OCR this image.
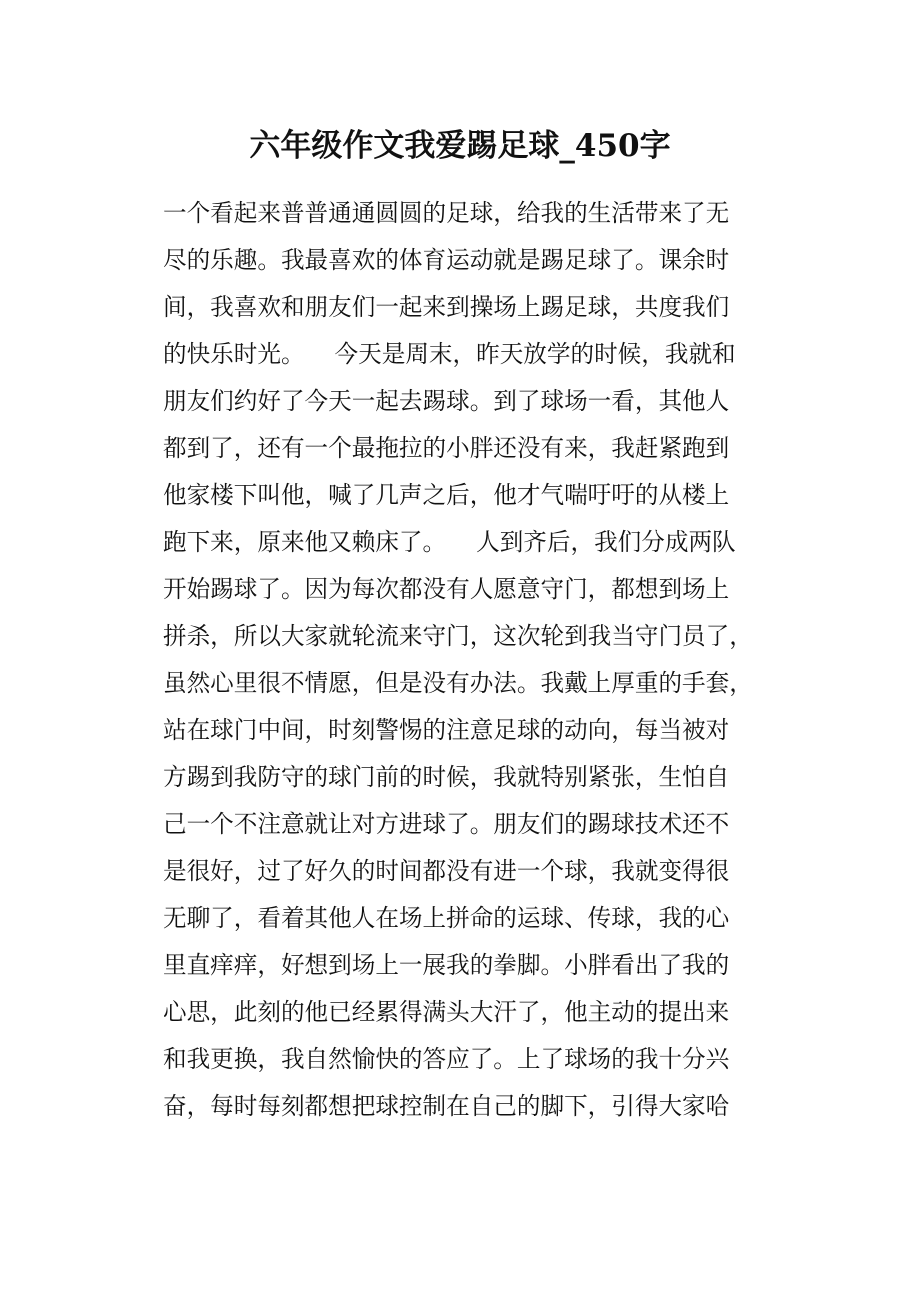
六年级作文我爱踢足球_450字
一个看起来普普通通圆圆的足球，给我的生活带来了无
尽的乐趣。我最喜欢的体育运动就是踢足球了。课余时
间，我喜欢和朋友们一起来到操场上踢足球，共度我们
的快乐时光。    今天是周末，昨天放学的时候，我就和
朋友们约好了今天一起去踢球。到了球场一看，其他人
都到了，还有一个最拖拉的小胖还没有来，我赶紧跑到
他家楼下叫他，喊了几声之后，他才气喘吁吁的从楼上
跑下来，原来他又赖床了。    人到齐后，我们分成两队
开始踢球了。因为每次都没有人愿意守门，都想到场上
拼杀，所以大家就轮流来守门，这次轮到我当守门员了，
虽然心里很不情愿，但是没有办法。我戴上厚重的手套，
站在球门中间，时刻警惕的注意足球的动向，每当被对
方踢到我防守的球门前的时候，我就特别紧张，生怕自
己一个不注意就让对方进球了。朋友们的踢球技术还不
是很好，过了好久的时间都没有进一个球，我就变得很
无聊了，看着其他人在场上拼命的运球、传球，我的心
里直痒痒，好想到场上一展我的拳脚。小胖看出了我的
心思，此刻的他已经累得满头大汗了，他主动的提出来
和我更换，我自然愉快的答应了。上了球场的我十分兴
奋，每时每刻都想把球控制在自己的脚下，引得大家哈
